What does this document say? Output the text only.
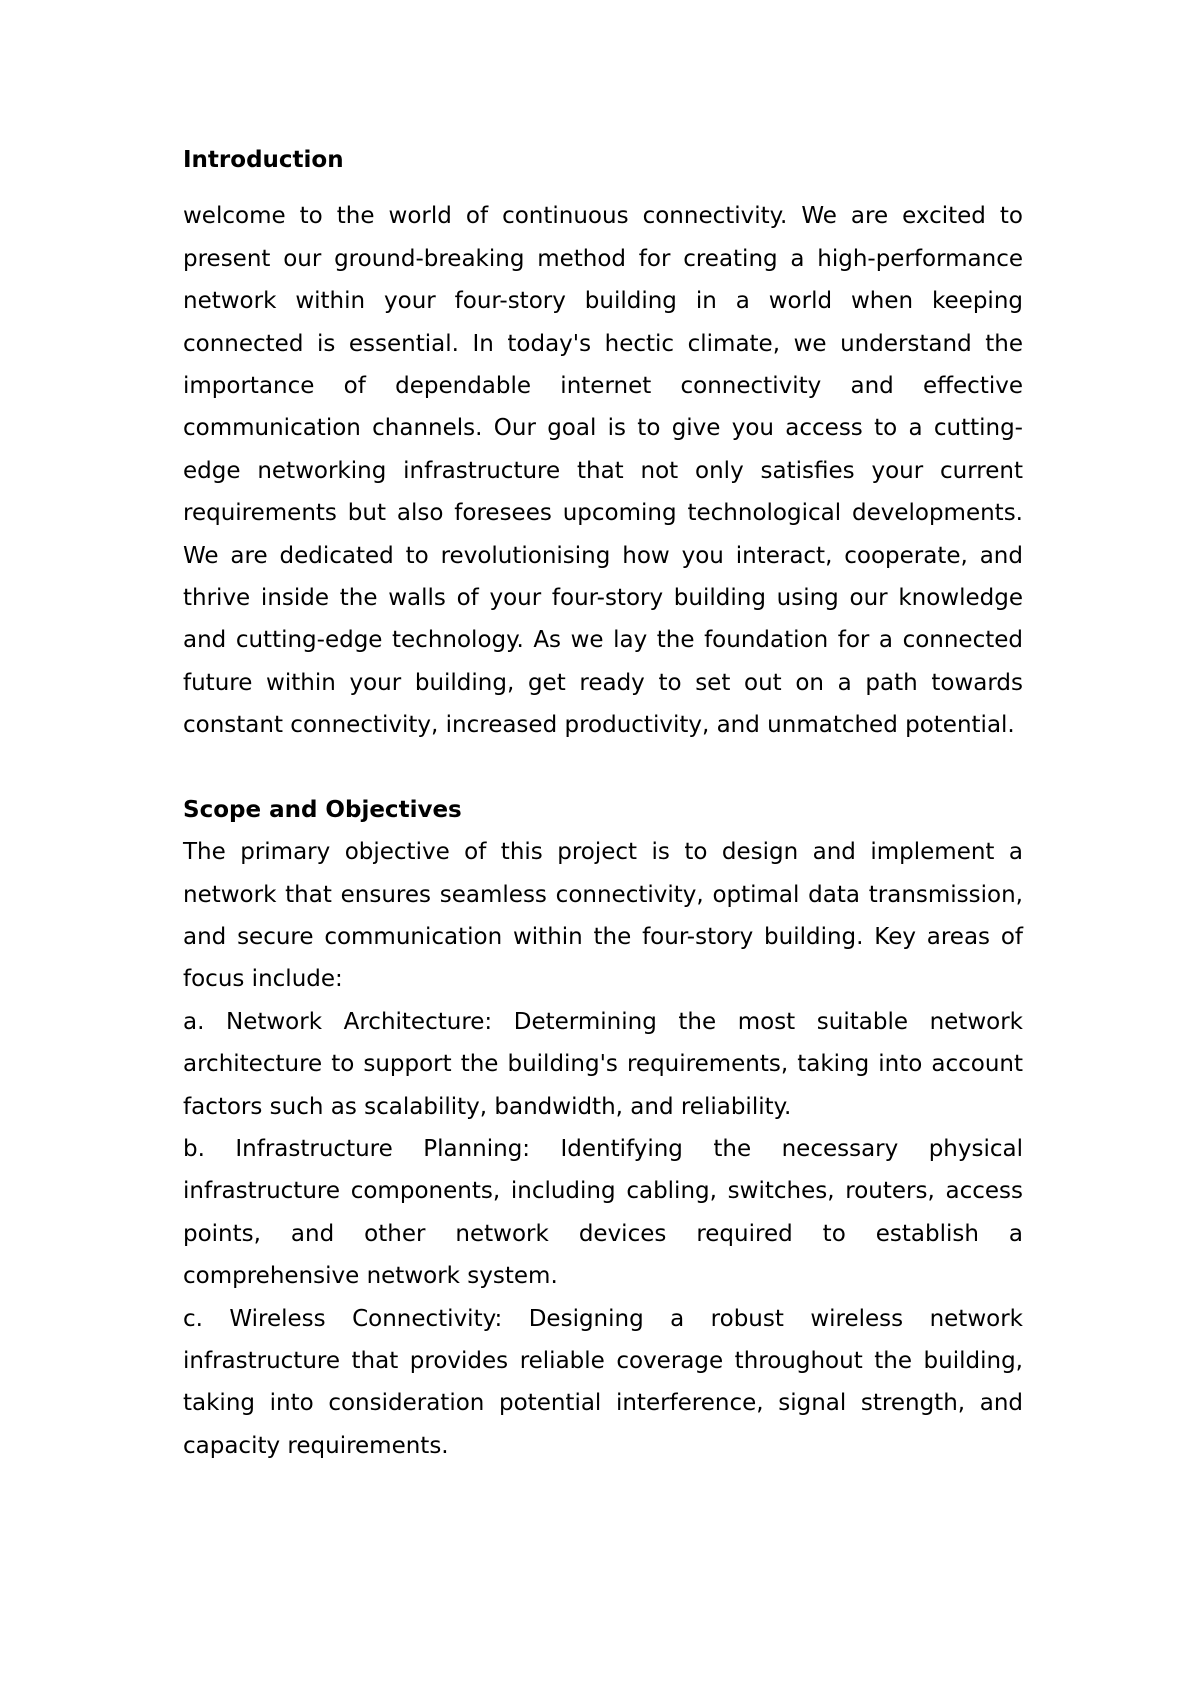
Introduction

welcome to the world of continuous connectivity. We are excited to present our ground-breaking method for creating a high-performance network within your four-story building in a world when keeping connected is essential. In today's hectic climate, we understand the importance of dependable internet connectivity and effective communication channels. Our goal is to give you access to a cutting-edge networking infrastructure that not only satisfies your current requirements but also foresees upcoming technological developments. We are dedicated to revolutionising how you interact, cooperate, and thrive inside the walls of your four-story building using our knowledge and cutting-edge technology. As we lay the foundation for a connected future within your building, get ready to set out on a path towards constant connectivity, increased productivity, and unmatched potential.

Scope and Objectives

The primary objective of this project is to design and implement a network that ensures seamless connectivity, optimal data transmission, and secure communication within the four-story building. Key areas of focus include:

a. Network Architecture: Determining the most suitable network architecture to support the building's requirements, taking into account factors such as scalability, bandwidth, and reliability.

b. Infrastructure Planning: Identifying the necessary physical infrastructure components, including cabling, switches, routers, access points, and other network devices required to establish a comprehensive network system.

c. Wireless Connectivity: Designing a robust wireless network infrastructure that provides reliable coverage throughout the building, taking into consideration potential interference, signal strength, and capacity requirements.
